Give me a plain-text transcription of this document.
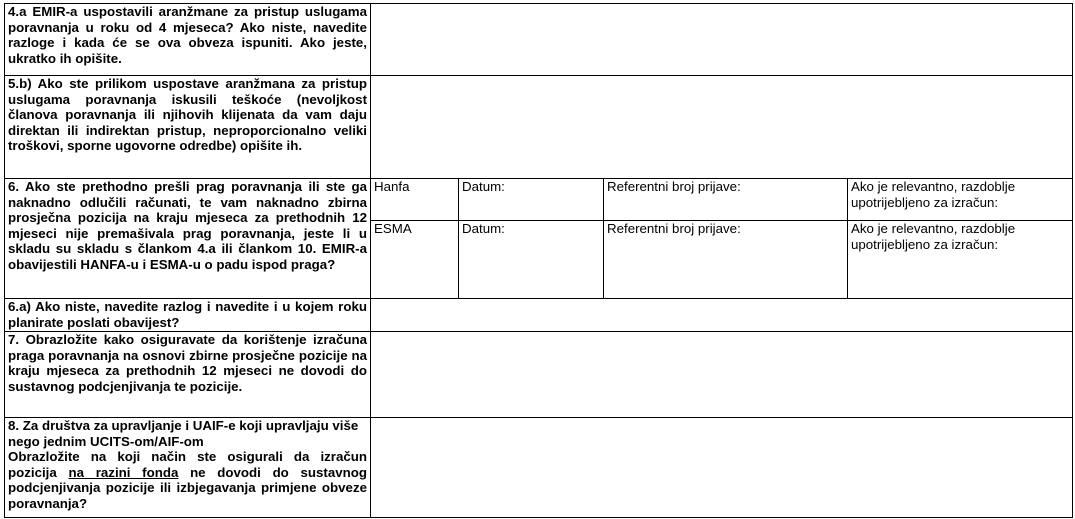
4.a EMIR-a uspostavili aranžmane za pristup uslugama poravnanja u roku od 4 mjeseca? Ako niste, navedite razloge i kada će se ova obveza ispuniti. Ako jeste, ukratko ih opišite.				
5.b) Ako ste prilikom uspostave aranžmana za pristup uslugama poravnanja iskusili teškoće (nevoljkost članova poravnanja ili njihovih klijenata da vam daju direktan ili indirektan pristup, neproporcionalno veliki troškovi, sporne ugovorne odredbe) opišite ih.				
6. Ako ste prethodno prešli prag poravnanja ili ste ga naknadno odlučili računati, te vam naknadno zbirna prosječna pozicija na kraju mjeseca za prethodnih 12 mjeseci nije premašivala prag poravnanja, jeste li u skladu su skladu s člankom 4.a ili člankom 10. EMIR-a obavijestili HANFA-u i ESMA-u o padu ispod praga?	Hanfa	Datum:	Referentni broj prijave:	Ako je relevantno, razdoblje upotrijebljeno za izračun:
	ESMA	Datum:	Referentni broj prijave:	Ako je relevantno, razdoblje upotrijebljeno za izračun:
6.a) Ako niste, navedite razlog i navedite i u kojem roku planirate poslati obavijest?				
7. Obrazložite kako osiguravate da korištenje izračuna praga poravnanja na osnovi zbirne prosječne pozicije na kraju mjeseca za prethodnih 12 mjeseci ne dovodi do sustavnog podcjenjivanja te pozicije.				

8. Za društva za upravljanje i UAIF-e koji upravljaju više nego jednim UCITS-om/AIF-om
Obrazložite na koji način ste osigurali da izračun pozicija na razini fonda ne dovodi do sustavnog podcjenjivanja pozicije ili izbjegavanja primjene obveze poravnanja?				
